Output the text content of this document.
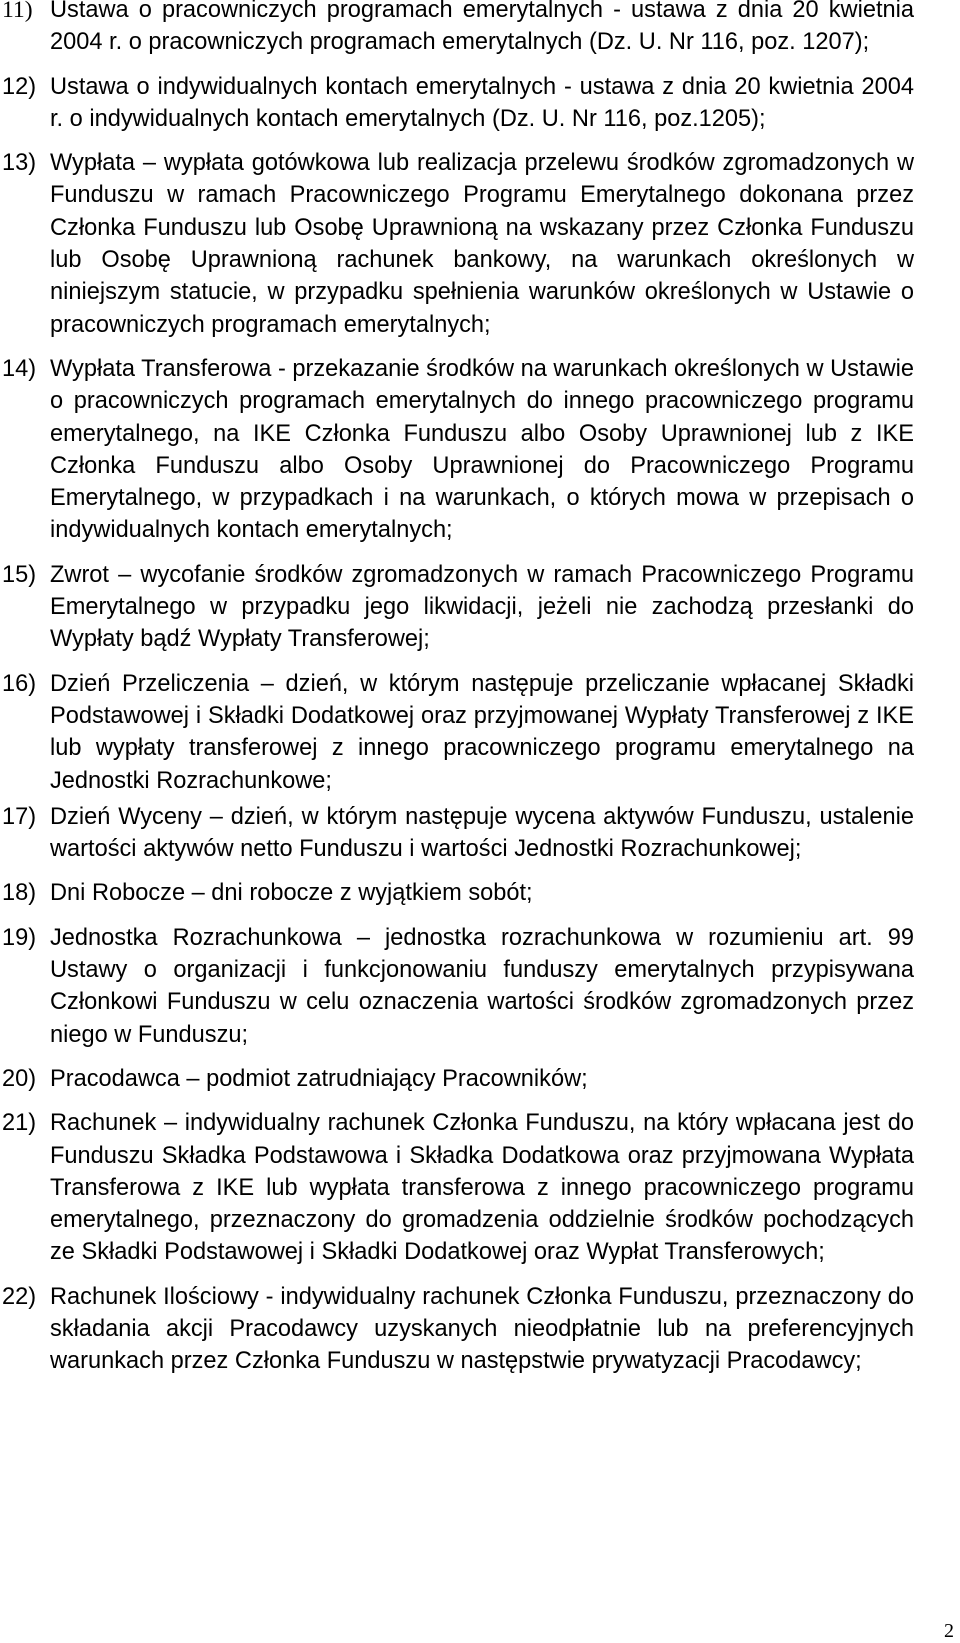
11) Ustawa o pracowniczych programach emerytalnych - ustawa z dnia 20 kwietnia 2004 r. o pracowniczych programach emerytalnych (Dz. U. Nr 116, poz. 1207);
12) Ustawa o indywidualnych kontach emerytalnych - ustawa z dnia 20 kwietnia 2004 r. o indywidualnych kontach emerytalnych (Dz. U. Nr 116, poz.1205);
13) Wypłata – wypłata gotówkowa lub realizacja przelewu środków zgromadzonych w Funduszu w ramach Pracowniczego Programu Emerytalnego dokonana przez Członka Funduszu lub Osobę Uprawnioną na wskazany przez Członka Funduszu lub Osobę Uprawnioną rachunek bankowy, na warunkach określonych w niniejszym statucie, w przypadku spełnienia warunków określonych w Ustawie o pracowniczych programach emerytalnych;
14) Wypłata Transferowa - przekazanie środków na warunkach określonych w Ustawie o pracowniczych programach emerytalnych do innego pracowniczego programu emerytalnego, na IKE Członka Funduszu albo Osoby Uprawnionej lub z IKE Członka Funduszu albo Osoby Uprawnionej do Pracowniczego Programu Emerytalnego, w przypadkach i na warunkach, o których mowa w przepisach o indywidualnych kontach emerytalnych;
15) Zwrot – wycofanie środków zgromadzonych w ramach Pracowniczego Programu Emerytalnego w przypadku jego likwidacji, jeżeli nie zachodzą przesłanki do Wypłaty bądź Wypłaty Transferowej;
16) Dzień Przeliczenia – dzień, w którym następuje przeliczanie wpłacanej Składki Podstawowej i Składki Dodatkowej oraz przyjmowanej Wypłaty Transferowej z IKE lub wypłaty transferowej z innego pracowniczego programu emerytalnego na Jednostki Rozrachunkowe;
17) Dzień Wyceny – dzień, w którym następuje wycena aktywów Funduszu, ustalenie wartości aktywów netto Funduszu i wartości Jednostki Rozrachunkowej;
18) Dni Robocze – dni robocze z wyjątkiem sobót;
19) Jednostka Rozrachunkowa – jednostka rozrachunkowa w rozumieniu art. 99 Ustawy o organizacji i funkcjonowaniu funduszy emerytalnych przypisywana Członkowi Funduszu w celu oznaczenia wartości środków zgromadzonych przez niego w Funduszu;
20) Pracodawca – podmiot zatrudniający Pracowników;
21) Rachunek – indywidualny rachunek Członka Funduszu, na który wpłacana jest do Funduszu Składka Podstawowa i Składka Dodatkowa oraz przyjmowana Wypłata Transferowa z IKE lub wypłata transferowa z innego pracowniczego programu emerytalnego, przeznaczony do gromadzenia oddzielnie środków pochodzących ze Składki Podstawowej i Składki Dodatkowej oraz Wypłat Transferowych;
22) Rachunek Ilościowy - indywidualny rachunek Członka Funduszu, przeznaczony do składania akcji Pracodawcy uzyskanych nieodpłatnie lub na preferencyjnych warunkach przez Członka Funduszu w następstwie prywatyzacji Pracodawcy;
2
